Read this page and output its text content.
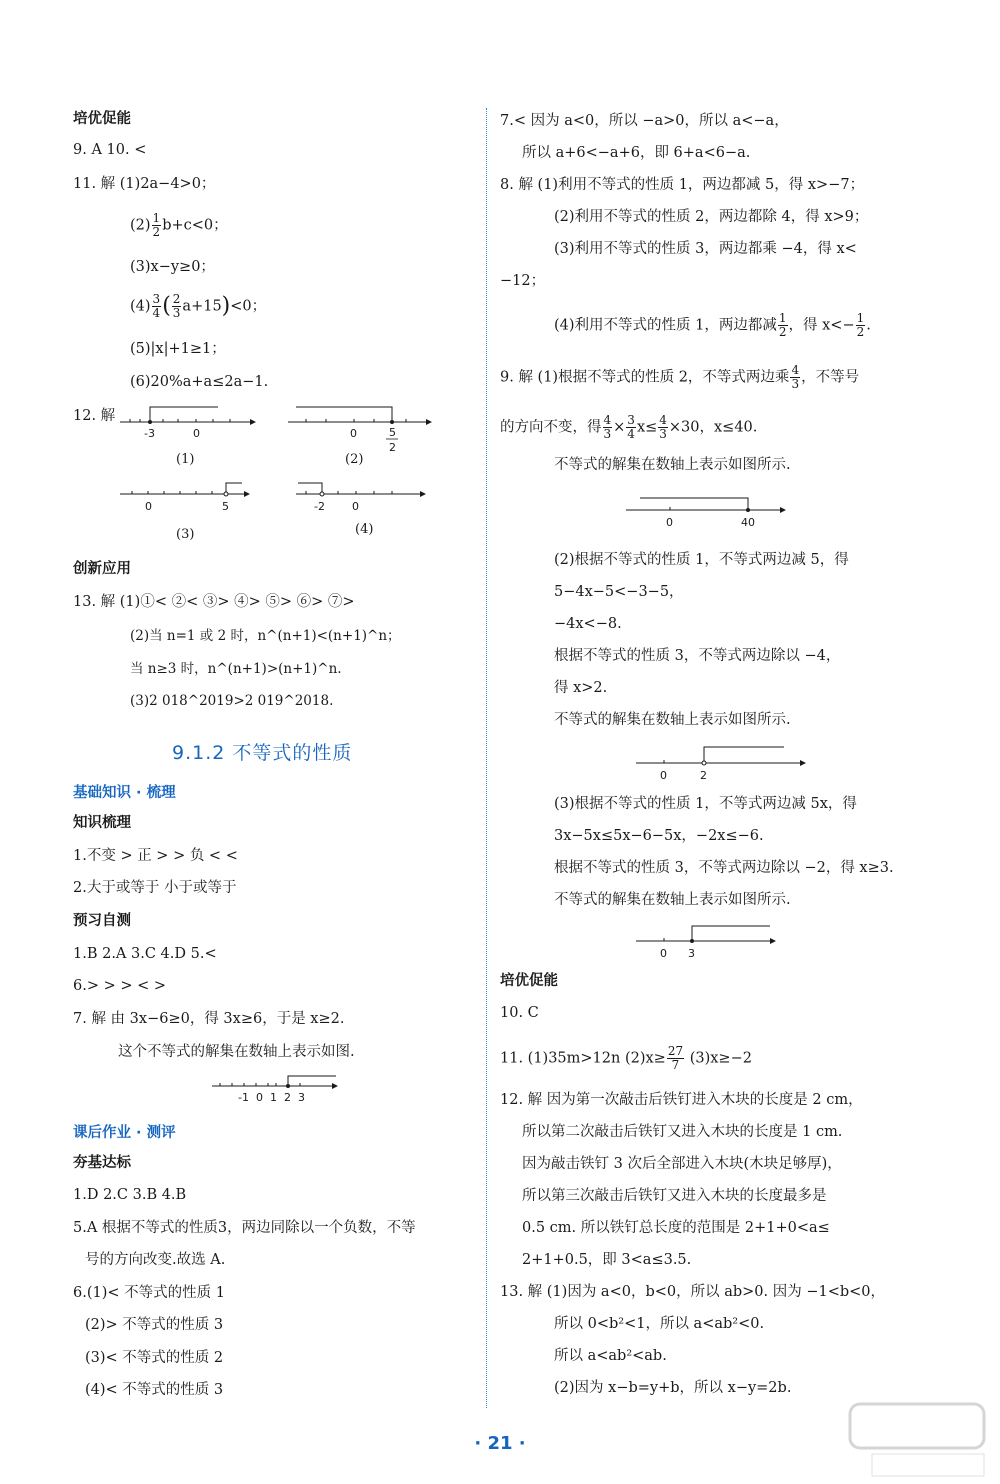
培优促能
9. A 10. <
11. 解 (1)2a−4>0；
$(2) \frac{1}{2} b+c<0$；
(3)x−y≥0；
$(4) \frac{3}{4}$ ( $\frac{2}{3} a+15)<0$；
(5)|x|+1≥1；
(6)20%a+a≤2a−1.
12. 解
-3	0
(1)
0	5
2
(2)
0	5
(3)
-2 0
(4)
创新应用
13. 解 (1)①< ②< ③> ④> ⑤> ⑥> ⑦>
(2)当 n=1 或 2 时，n^(n+1)<(n+1)^n；
当 n≥3 时，n^(n+1)>(n+1)^n.
(3)2 018^2019>2 019^2018.
9.1.2 不等式的性质
基础知识 · 梳理
知识梳理
1.不变 > 正 > > 负 < <
2.大于或等于 小于或等于
预习自测
1.B 2.A 3.C 4.D 5.<
6.> > > < >
7. 解 由 3x−6≥0，得 3x≥6，于是 x≥2.
这个不等式的解集在数轴上表示如图.
-1 0 1 2 3
课后作业 · 测评
夯基达标
1.D 2.C 3.B 4.B
5.A 根据不等式的性质3，两边同除以一个负数，不等
号的方向改变.故选 A.
6.(1)< 不等式的性质 1
(2)> 不等式的性质 3
(3)< 不等式的性质 2
(4)< 不等式的性质 3
7.< 因为 a<0，所以 −a>0，所以 a<−a，
所以 a+6<−a+6，即 6+a<6−a.
8. 解 (1)利用不等式的性质 1，两边都减 5，得 x>−7；
(2)利用不等式的性质 2，两边都除 4，得 x>9；
(3)利用不等式的性质 3，两边都乘 −4，得 x<
−12；
(4)利用不等式的性质 1，两边都减 $\frac{1}{2}$ ，得 $x<- \frac{1}{2}$ .
9. 解 (1)根据不等式的性质 2，不等式两边乘 $\frac{4}{3}$ ，不等号
的方向不变，得 $\frac{4}{3} \times \frac{3}{4} x\le \frac{4}{3} \times 30$，x≤40.
不等式的解集在数轴上表示如图所示.
0	40
(2)根据不等式的性质 1，不等式两边减 5，得
5−4x−5<−3−5，
−4x<−8.
根据不等式的性质 3，不等式两边除以 −4，
得 x>2.
不等式的解集在数轴上表示如图所示.
0	2
(3)根据不等式的性质 1，不等式两边减 5x，得
3x−5x≤5x−6−5x，−2x≤−6.
根据不等式的性质 3，不等式两边除以 −2，得 x≥3.
不等式的解集在数轴上表示如图所示.
0 3
培优促能
10. C
11. (1)35m>12n $(2)x\ge \frac{27}{7} (3)x\ge-2$
12. 解 因为第一次敲击后铁钉进入木块的长度是 2 cm，
所以第二次敲击后铁钉又进入木块的长度是 1 cm.
因为敲击铁钉 3 次后全部进入木块(木块足够厚)，
所以第三次敲击后铁钉又进入木块的长度最多是
0.5 cm. 所以铁钉总长度的范围是 2+1+0<a≤
2+1+0.5，即 3<a≤3.5.
13. 解 (1)因为 a<0，b<0，所以 ab>0. 因为 −1<b<0，
所以 0<b²<1，所以 a<ab²<0.
所以 a<ab²<ab.
(2)因为 x−b=y+b，所以 x−y=2b.
· 21 ·
